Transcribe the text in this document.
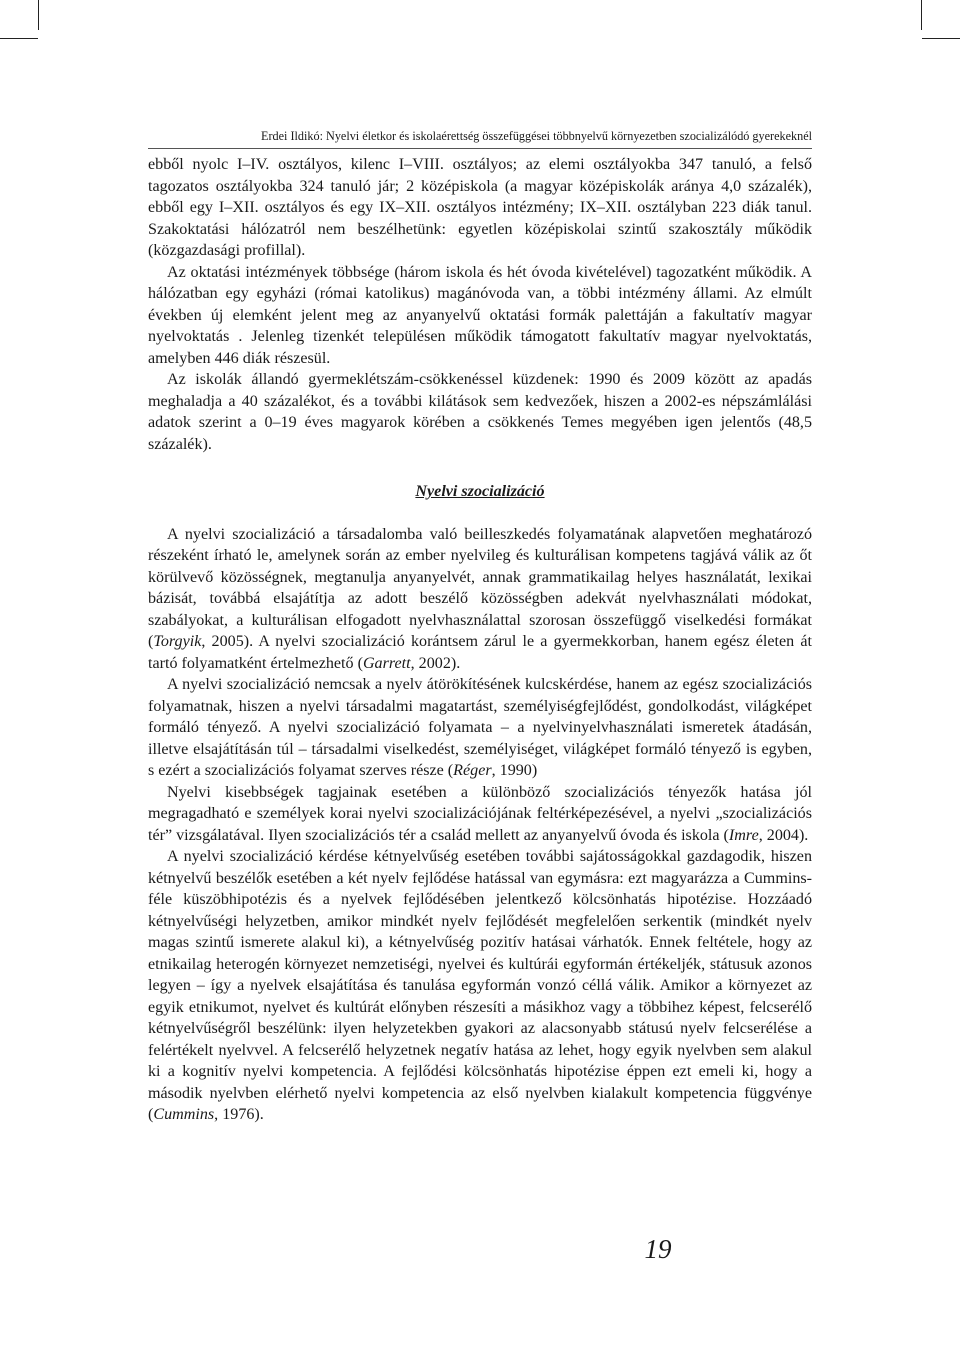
Erdei Ildikó: Nyelvi életkor és iskolaérettség összefüggései többnyelvű környezetben szocializálódó gyerekeknél

ebből nyolc I–IV. osztályos, kilenc I–VIII. osztályos; az elemi osztályokba 347 tanuló, a felső tagozatos osztályokba 324 tanuló jár; 2 középiskola (a magyar középiskolák aránya 4,0 százalék), ebből egy I–XII. osztályos és egy IX–XII. osztályos intézmény; IX–XII. osztályban 223 diák tanul. Szakoktatási hálózatról nem beszélhetünk: egyetlen középiskolai szintű szakosztály működik (közgazdasági profillal).

Az oktatási intézmények többsége (három iskola és hét óvoda kivételével) tagozatként működik. A hálózatban egy egyházi (római katolikus) magánóvoda van, a többi intézmény állami. Az elmúlt években új elemként jelent meg az anyanyelvű oktatási formák palettáján a fakultatív magyar nyelvoktatás . Jelenleg tizenkét településen működik támogatott fakultatív magyar nyelvoktatás, amelyben 446 diák részesül.

Az iskolák állandó gyermeklétszám-csökkenéssel küzdenek: 1990 és 2009 között az apadás meghaladja a 40 százalékot, és a további kilátások sem kedvezőek, hiszen a 2002-es népszámlálási adatok szerint a 0–19 éves magyarok körében a csökkenés Temes megyében igen jelentős (48,5 százalék).

Nyelvi szocializáció

A nyelvi szocializáció a társadalomba való beilleszkedés folyamatának alapvetően meghatározó részeként írható le, amelynek során az ember nyelvileg és kulturálisan kompetens tagjává válik az őt körülvevő közösségnek, megtanulja anyanyelvét, annak grammatikailag helyes használatát, lexikai bázisát, továbbá elsajátítja az adott beszélő közösségben adekvát nyelvhasználati módokat, szabályokat, a kulturálisan elfogadott nyelvhasználattal szorosan összefüggő viselkedési formákat (Torgyik, 2005). A nyelvi szocializáció korántsem zárul le a gyermekkorban, hanem egész életen át tartó folyamatként értelmezhető (Garrett, 2002).

A nyelvi szocializáció nemcsak a nyelv átörökítésének kulcskérdése, hanem az egész szocializációs folyamatnak, hiszen a nyelvi társadalmi magatartást, személyiségfejlődést, gondolkodást, világképet formáló tényező. A nyelvi szocializáció folyamata – a nyelvinyelvhasználati ismeretek átadásán, illetve elsajátításán túl – társadalmi viselkedést, személyiséget, világképet formáló tényező is egyben, s ezért a szocializációs folyamat szerves része (Réger, 1990)

Nyelvi kisebbségek tagjainak esetében a különböző szocializációs tényezők hatása jól megragadható e személyek korai nyelvi szocializációjának feltérképezésével, a nyelvi „szocializációs tér” vizsgálatával. Ilyen szocializációs tér a család mellett az anyanyelvű óvoda és iskola (Imre, 2004).

A nyelvi szocializáció kérdése kétnyelvűség esetében további sajátosságokkal gazdagodik, hiszen kétnyelvű beszélők esetében a két nyelv fejlődése hatással van egymásra: ezt magyarázza a Cummins-féle küszöbhipotézis és a nyelvek fejlődésében jelentkező kölcsönhatás hipotézise. Hozzáadó kétnyelvűségi helyzetben, amikor mindkét nyelv fejlődését megfelelően serkentik (mindkét nyelv magas szintű ismerete alakul ki), a kétnyelvűség pozitív hatásai várhatók. Ennek feltétele, hogy az etnikailag heterogén környezet nemzetiségi, nyelvei és kultúrái egyformán értékeljék, státusuk azonos legyen – így a nyelvek elsajátítása és tanulása egyformán vonzó céllá válik. Amikor a környezet az egyik etnikumot, nyelvet és kultúrát előnyben részesíti a másikhoz vagy a többihez képest, felcserélő kétnyelvűségről beszélünk: ilyen helyzetekben gyakori az alacsonyabb státusú nyelv felcserélése a felértékelt nyelvvel. A felcserélő helyzetnek negatív hatása az lehet, hogy egyik nyelvben sem alakul ki a kognitív nyelvi kompetencia. A fejlődési kölcsönhatás hipotézise éppen ezt emeli ki, hogy a második nyelvben elérhető nyelvi kompetencia az első nyelvben kialakult kompetencia függvénye (Cummins, 1976).

19
